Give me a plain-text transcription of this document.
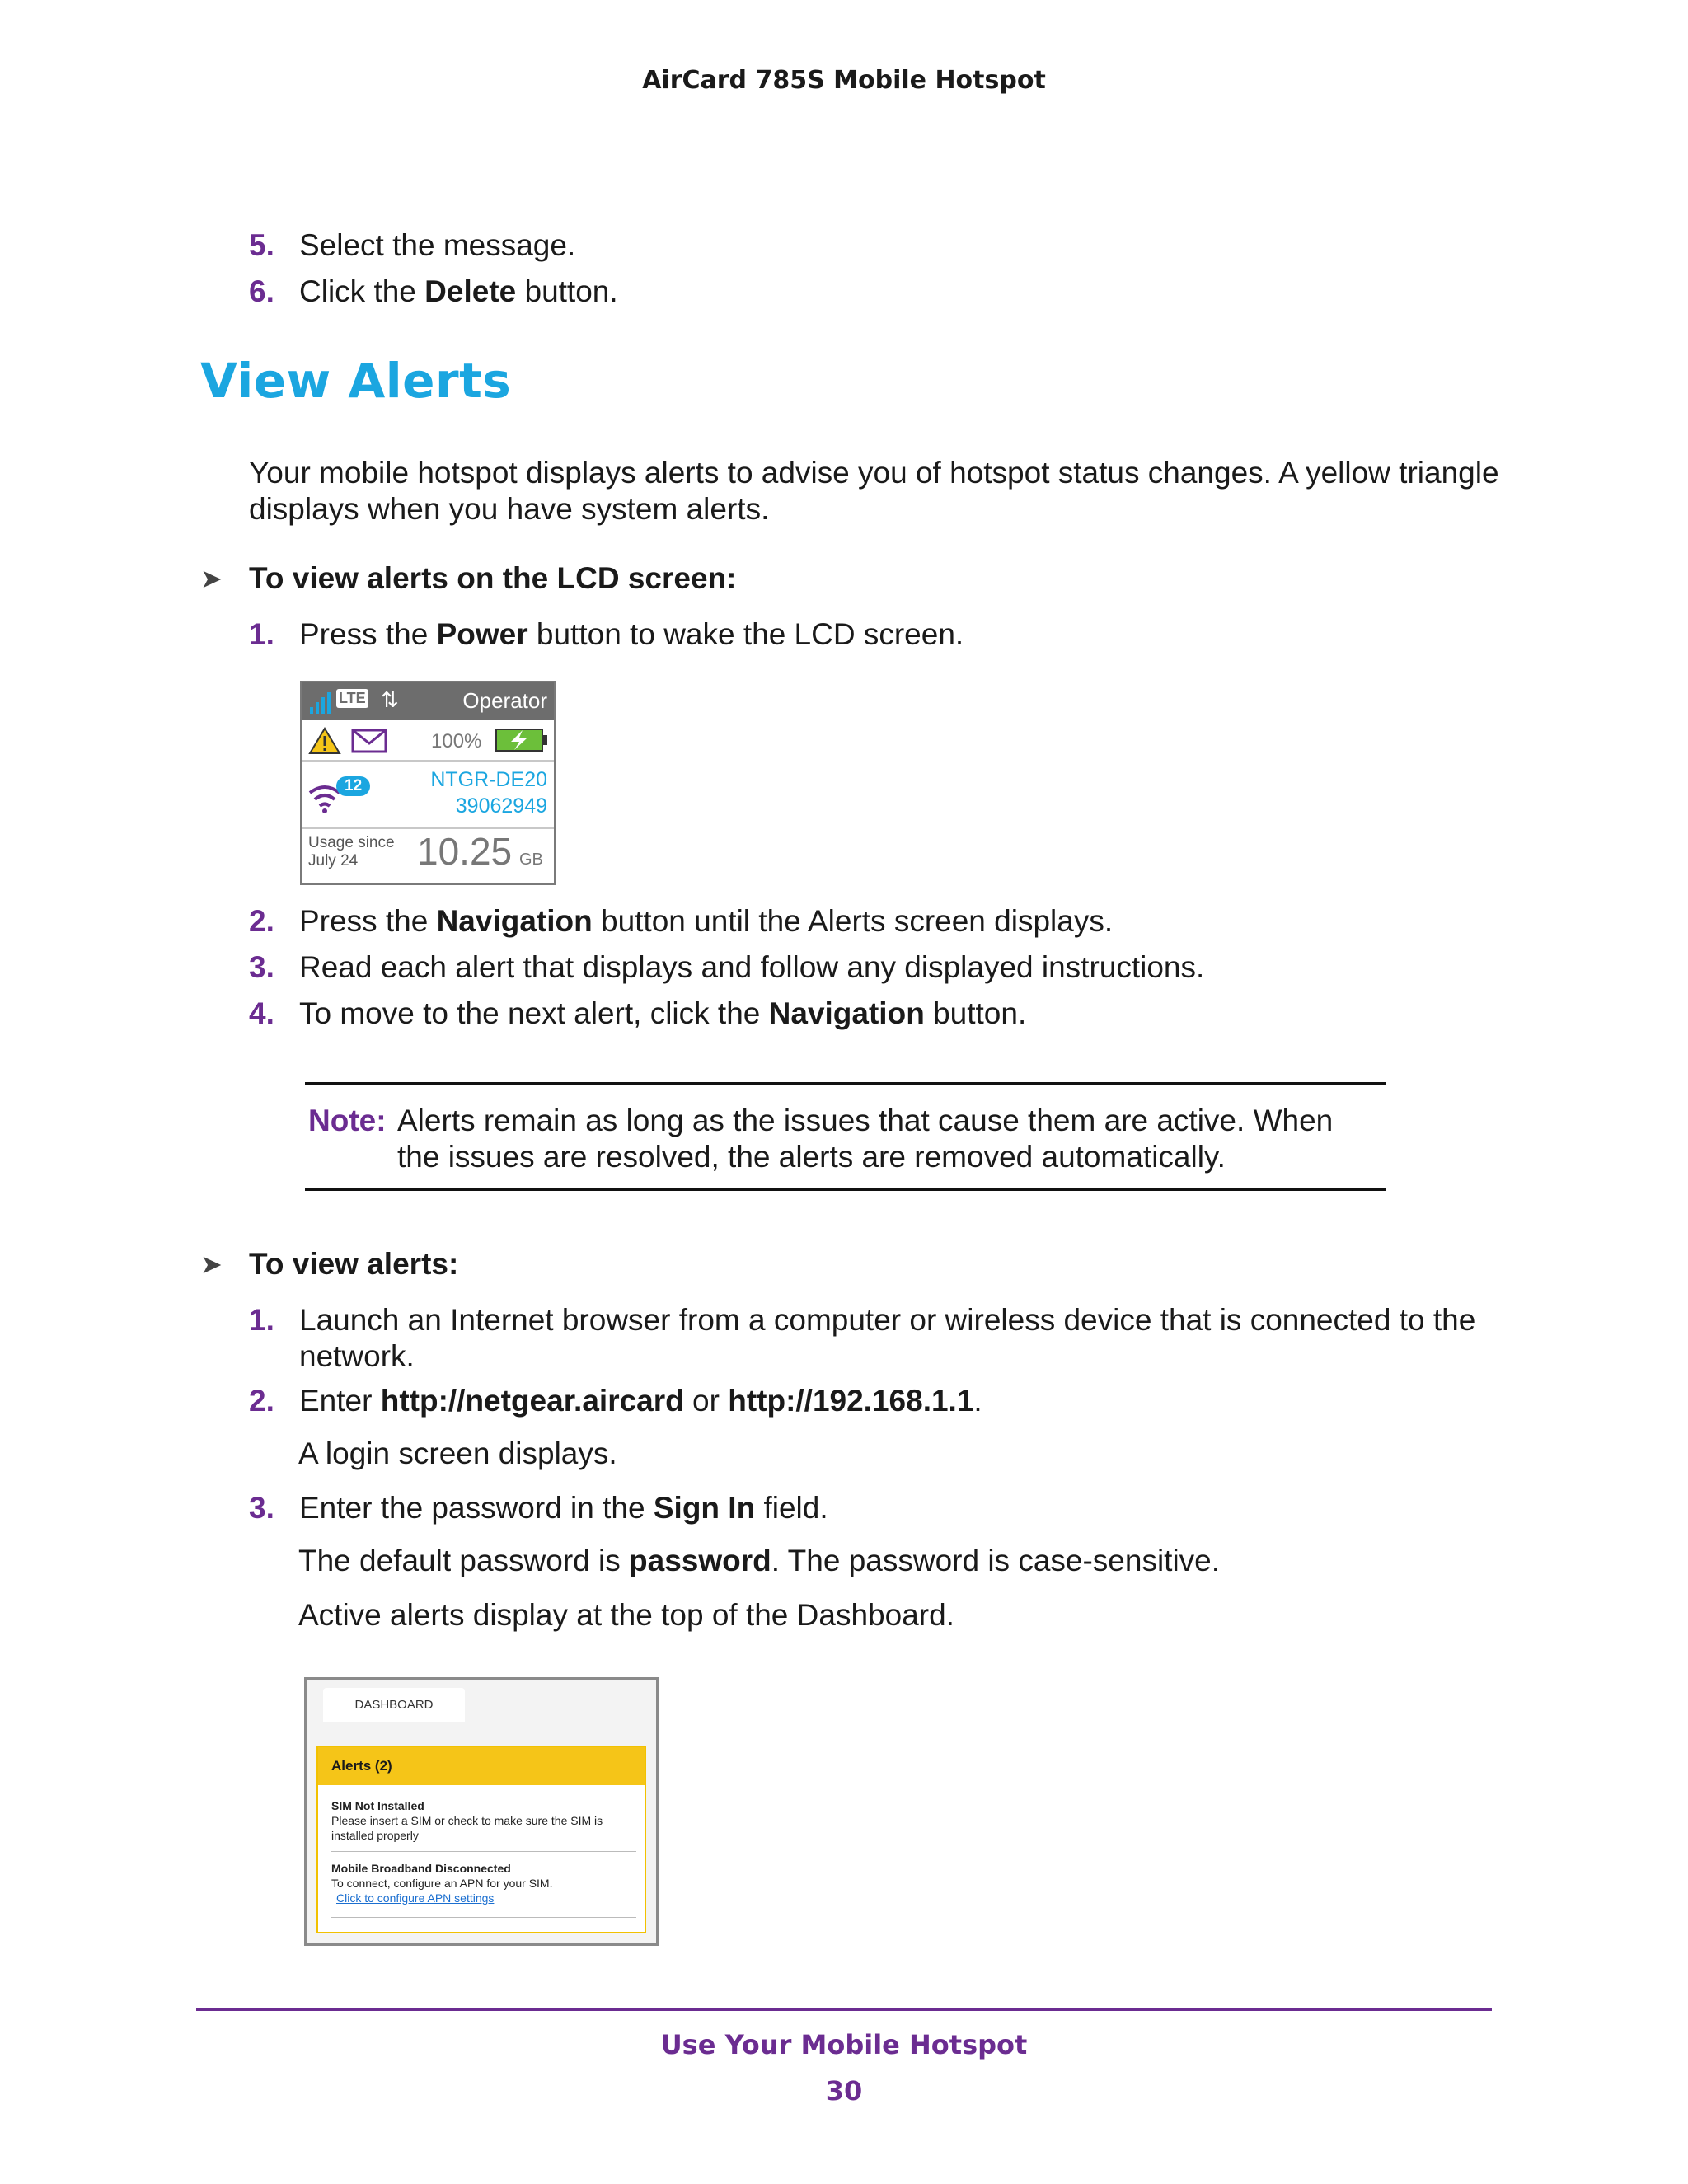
AirCard 785S Mobile Hotspot
5. Select the message.
6. Click the Delete button.
View Alerts
Your mobile hotspot displays alerts to advise you of hotspot status changes. A yellow triangle displays when you have system alerts.
➤ To view alerts on the LCD screen:
1. Press the Power button to wake the LCD screen.
LTE ⇅	Operator
100%
12	NTGR-DE20
39062949
Usage since
July 24	10.25 GB
2. Press the Navigation button until the Alerts screen displays.
3. Read each alert that displays and follow any displayed instructions.
4. To move to the next alert, click the Navigation button.
Note: Alerts remain as long as the issues that cause them are active. When the issues are resolved, the alerts are removed automatically.
➤ To view alerts:
1. Launch an Internet browser from a computer or wireless device that is connected to the network.
2. Enter http://netgear.aircard or http://192.168.1.1.
A login screen displays.
3. Enter the password in the Sign In field.
The default password is password. The password is case-sensitive.
Active alerts display at the top of the Dashboard.
DASHBOARD
Alerts (2)
SIM Not Installed
Please insert a SIM or check to make sure the SIM is installed properly
Mobile Broadband Disconnected
To connect, configure an APN for your SIM.
Click to configure APN settings
Use Your Mobile Hotspot
30
